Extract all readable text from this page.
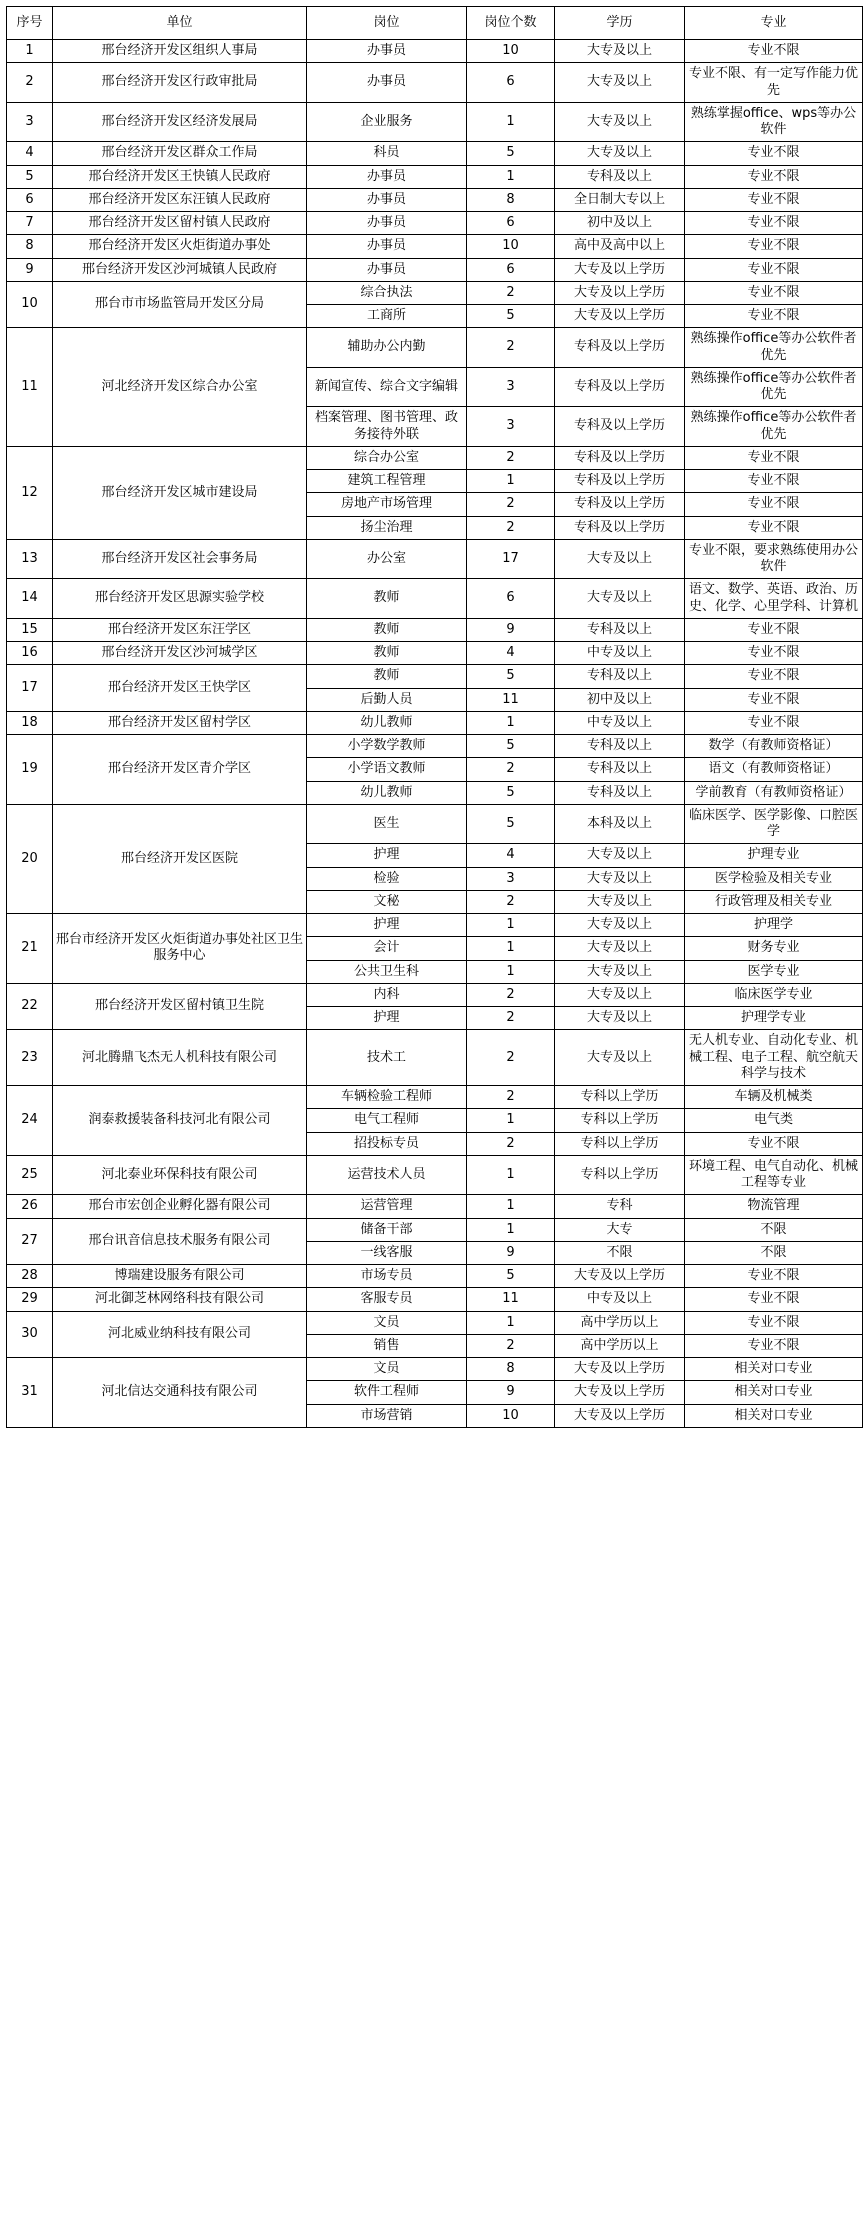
序号	单位	岗位	岗位个数	学历	专业
1	邢台经济开发区组织人事局	办事员	10	大专及以上	专业不限
2	邢台经济开发区行政审批局	办事员	6	大专及以上	专业不限、有一定写作能力优先
3	邢台经济开发区经济发展局	企业服务	1	大专及以上	熟练掌握office、wps等办公软件
4	邢台经济开发区群众工作局	科员	5	大专及以上	专业不限
5	邢台经济开发区王快镇人民政府	办事员	1	专科及以上	专业不限
6	邢台经济开发区东汪镇人民政府	办事员	8	全日制大专以上	专业不限
7	邢台经济开发区留村镇人民政府	办事员	6	初中及以上	专业不限
8	邢台经济开发区火炬街道办事处	办事员	10	高中及高中以上	专业不限
9	邢台经济开发区沙河城镇人民政府	办事员	6	大专及以上学历	专业不限
10	邢台市市场监管局开发区分局	综合执法	2	大专及以上学历	专业不限
		工商所	5	大专及以上学历	专业不限
11	河北经济开发区综合办公室	辅助办公内勤	2	专科及以上学历	熟练操作office等办公软件者优先
		新闻宣传、综合文字编辑	3	专科及以上学历	熟练操作office等办公软件者优先
		档案管理、图书管理、政务接待外联	3	专科及以上学历	熟练操作office等办公软件者优先
12	邢台经济开发区城市建设局	综合办公室	2	专科及以上学历	专业不限
		建筑工程管理	1	专科及以上学历	专业不限
		房地产市场管理	2	专科及以上学历	专业不限
		扬尘治理	2	专科及以上学历	专业不限
13	邢台经济开发区社会事务局	办公室	17	大专及以上	专业不限，要求熟练使用办公软件
14	邢台经济开发区思源实验学校	教师	6	大专及以上	语文、数学、英语、政治、历史、化学、心里学科、计算机
15	邢台经济开发区东汪学区	教师	9	专科及以上	专业不限
16	邢台经济开发区沙河城学区	教师	4	中专及以上	专业不限
17	邢台经济开发区王快学区	教师	5	专科及以上	专业不限
		后勤人员	11	初中及以上	专业不限
18	邢台经济开发区留村学区	幼儿教师	1	中专及以上	专业不限
19	邢台经济开发区青介学区	小学数学教师	5	专科及以上	数学（有教师资格证）
		小学语文教师	2	专科及以上	语文（有教师资格证）
		幼儿教师	5	专科及以上	学前教育（有教师资格证）
20	邢台经济开发区医院	医生	5	本科及以上	临床医学、医学影像、口腔医学
		护理	4	大专及以上	护理专业
		检验	3	大专及以上	医学检验及相关专业
		文秘	2	大专及以上	行政管理及相关专业
21	邢台市经济开发区火炬街道办事处社区卫生服务中心	护理	1	大专及以上	护理学
		会计	1	大专及以上	财务专业
		公共卫生科	1	大专及以上	医学专业
22	邢台经济开发区留村镇卫生院	内科	2	大专及以上	临床医学专业
		护理	2	大专及以上	护理学专业
23	河北腾鼎飞杰无人机科技有限公司	技术工	2	大专及以上	无人机专业、自动化专业、机械工程、电子工程、航空航天科学与技术
24	润泰救援装备科技河北有限公司	车辆检验工程师	2	专科以上学历	车辆及机械类
		电气工程师	1	专科以上学历	电气类
		招投标专员	2	专科以上学历	专业不限
25	河北泰业环保科技有限公司	运营技术人员	1	专科以上学历	环境工程、电气自动化、机械工程等专业
26	邢台市宏创企业孵化器有限公司	运营管理	1	专科	物流管理
27	邢台讯音信息技术服务有限公司	储备干部	1	大专	不限
		一线客服	9	不限	不限
28	博瑞建设服务有限公司	市场专员	5	大专及以上学历	专业不限
29	河北御芝林网络科技有限公司	客服专员	11	中专及以上	专业不限
30	河北威业纳科技有限公司	文员	1	高中学历以上	专业不限
		销售	2	高中学历以上	专业不限
31	河北信达交通科技有限公司	文员	8	大专及以上学历	相关对口专业
		软件工程师	9	大专及以上学历	相关对口专业
		市场营销	10	大专及以上学历	相关对口专业
